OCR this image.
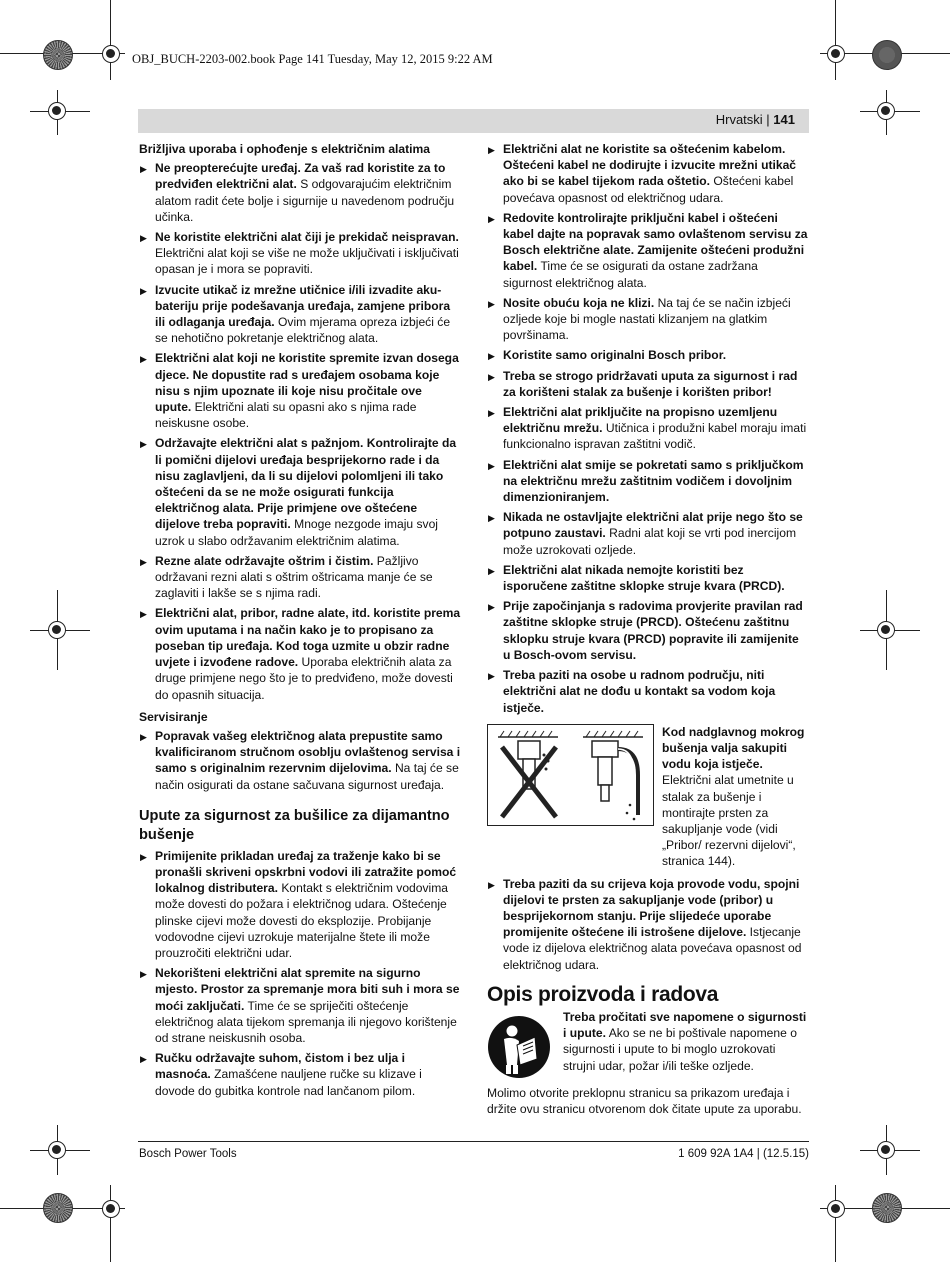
OBJ_BUCH-2203-002.book Page 141 Tuesday, May 12, 2015 9:22 AM
Hrvatski | 141
Brižljiva uporaba i ophođenje s električnim alatima
▶ Ne preopterećujte uređaj. Za vaš rad koristite za to predviđen električni alat. S odgovarajućim električnim alatom radit ćete bolje i sigurnije u navedenom području učinka.
▶ Ne koristite električni alat čiji je prekidač neispravan. Električni alat koji se više ne može uključivati i isključivati opasan je i mora se popraviti.
▶ Izvucite utikač iz mrežne utičnice i/ili izvadite aku-bateriju prije podešavanja uređaja, zamjene pribora ili odlaganja uređaja. Ovim mjerama opreza izbjeći će se nehotično pokretanje električnog alata.
▶ Električni alat koji ne koristite spremite izvan dosega djece. Ne dopustite rad s uređajem osobama koje nisu s njim upoznate ili koje nisu pročitale ove upute. Električni alati su opasni ako s njima rade neiskusne osobe.
▶ Održavajte električni alat s pažnjom. Kontrolirajte da li pomični dijelovi uređaja besprijekorno rade i da nisu zaglavljeni, da li su dijelovi polomljeni ili tako oštećeni da se ne može osigurati funkcija električnog alata. Prije primjene ove oštećene dijelove treba popraviti. Mnoge nezgode imaju svoj uzrok u slabo održavanim električnim alatima.
▶ Rezne alate održavajte oštrim i čistim. Pažljivo održavani rezni alati s oštrim oštricama manje će se zaglaviti i lakše se s njima radi.
▶ Električni alat, pribor, radne alate, itd. koristite prema ovim uputama i na način kako je to propisano za poseban tip uređaja. Kod toga uzmite u obzir radne uvjete i izvođene radove. Uporaba električnih alata za druge primjene nego što je to predviđeno, može dovesti do opasnih situacija.
Servisiranje
▶ Popravak vašeg električnog alata prepustite samo kvalificiranom stručnom osoblju ovlaštenog servisa i samo s originalnim rezervnim dijelovima. Na taj će se način osigurati da ostane sačuvana sigurnost uređaja.
Upute za sigurnost za bušilice za dijamantno bušenje
▶ Primijenite prikladan uređaj za traženje kako bi se pronašli skriveni opskrbni vodovi ili zatražite pomoć lokalnog distributera. Kontakt s električnim vodovima može dovesti do požara i električnog udara. Oštećenje plinske cijevi može dovesti do eksplozije. Probijanje vodovodne cijevi uzrokuje materijalne štete ili može prouzročiti električni udar.
▶ Nekorišteni električni alat spremite na sigurno mjesto. Prostor za spremanje mora biti suh i mora se moći zaključati. Time će se spriječiti oštećenje električnog alata tijekom spremanja ili njegovo korištenje od strane neiskusnih osoba.
▶ Ručku održavajte suhom, čistom i bez ulja i masnoća. Zamašćene nauljene ručke su klizave i dovode do gubitka kontrole nad lančanom pilom.
▶ Električni alat ne koristite sa oštećenim kabelom. Oštećeni kabel ne dodirujte i izvucite mrežni utikač ako bi se kabel tijekom rada oštetio. Oštećeni kabel povećava opasnost od električnog udara.
▶ Redovite kontrolirajte priključni kabel i oštećeni kabel dajte na popravak samo ovlaštenom servisu za Bosch električne alate. Zamijenite oštećeni produžni kabel. Time će se osigurati da ostane zadržana sigurnost električnog alata.
▶ Nosite obuću koja ne klizi. Na taj će se način izbjeći ozljede koje bi mogle nastati klizanjem na glatkim površinama.
▶ Koristite samo originalni Bosch pribor.
▶ Treba se strogo pridržavati uputa za sigurnost i rad za korišteni stalak za bušenje i korišten pribor!
▶ Električni alat priključite na propisno uzemljenu električnu mrežu. Utičnica i produžni kabel moraju imati funkcionalno ispravan zaštitni vodič.
▶ Električni alat smije se pokretati samo s priključkom na električnu mrežu zaštitnim vodičem i dovoljnim dimenzioniranjem.
▶ Nikada ne ostavljajte električni alat prije nego što se potpuno zaustavi. Radni alat koji se vrti pod inercijom može uzrokovati ozljede.
▶ Električni alat nikada nemojte koristiti bez isporučene zaštitne sklopke struje kvara (PRCD).
▶ Prije započinjanja s radovima provjerite pravilan rad zaštitne sklopke struje (PRCD). Oštećenu zaštitnu sklopku struje kvara (PRCD) popravite ili zamijenite u Bosch-ovom servisu.
▶ Treba paziti na osobe u radnom području, niti električni alat ne dođu u kontakt sa vodom koja istječe.
Kod nadglavnog mokrog bušenja valja sakupiti vodu koja istječe. Električni alat umetnite u stalak za bušenje i montirajte prsten za sakupljanje vode (vidi „Pribor/ rezervni dijelovi“, stranica 144).
▶ Treba paziti da su crijeva koja provode vodu, spojni dijelovi te prsten za sakupljanje vode (pribor) u besprijekornom stanju. Prije slijedeće uporabe promijenite oštećene ili istrošene dijelove. Istjecanje vode iz dijelova električnog alata povećava opasnost od električnog udara.
Opis proizvoda i radova
Treba pročitati sve napomene o sigurnosti i upute. Ako se ne bi poštivale napomene o sigurnosti i upute to bi moglo uzrokovati strujni udar, požar i/ili teške ozljede.
Molimo otvorite preklopnu stranicu sa prikazom uređaja i držite ovu stranicu otvorenom dok čitate upute za uporabu.
Bosch Power Tools	1 609 92A 1A4 | (12.5.15)
